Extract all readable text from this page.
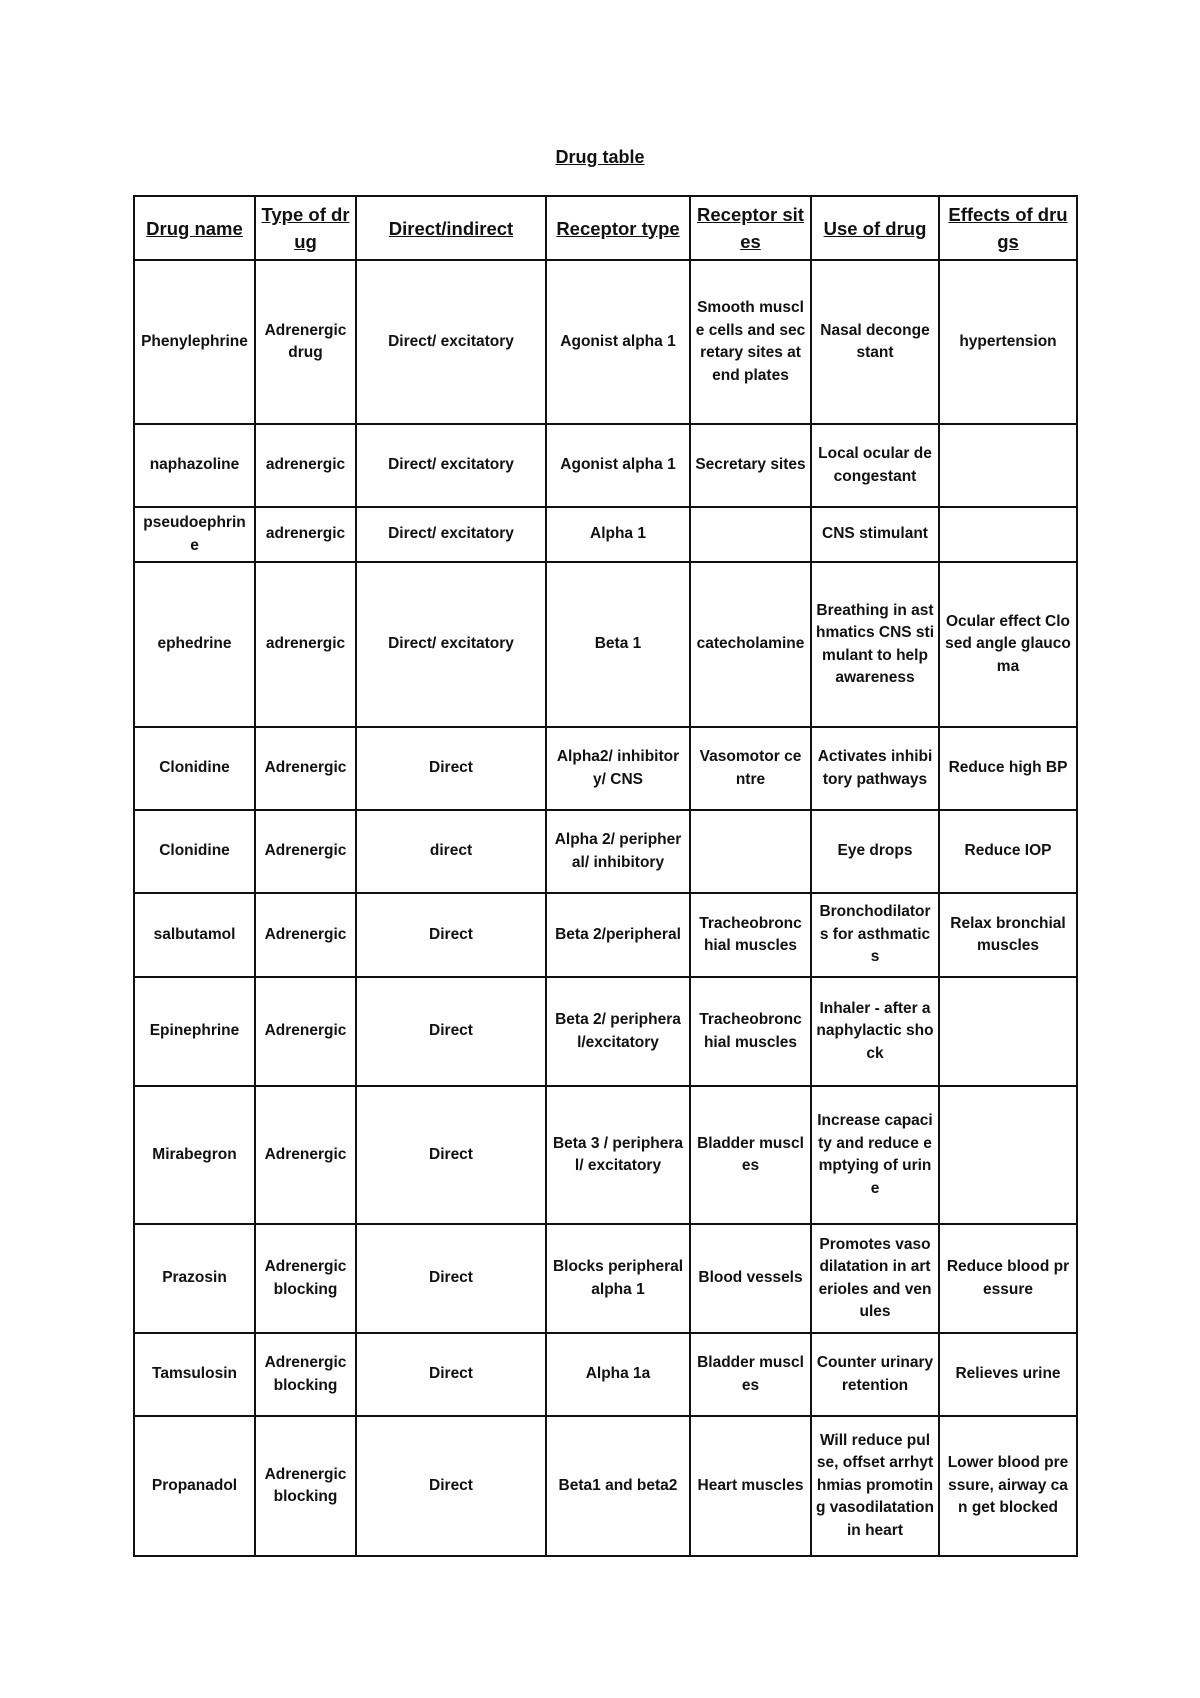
Drug table
Drug name	Type of drug	Direct/indirect	Receptor type	Receptor sites	Use of drug	Effects of drugs
Phenylephrine	Adrenergic drug	Direct/ excitatory	Agonist alpha 1	Smooth muscle cells and secretary sites at end plates	Nasal decongestant	hypertension
naphazoline	adrenergic	Direct/ excitatory	Agonist alpha 1	Secretary sites	Local ocular decongestant	
pseudoephrine	adrenergic	Direct/ excitatory	Alpha 1		CNS stimulant	
ephedrine	adrenergic	Direct/ excitatory	Beta 1	catecholamine	Breathing in asthmatics CNS stimulant to help awareness	Ocular effect Closed angle glaucoma
Clonidine	Adrenergic	Direct	Alpha2/ inhibitory/ CNS	Vasomotor centre	Activates inhibitory pathways	Reduce high BP
Clonidine	Adrenergic	direct	Alpha 2/ peripheral/ inhibitory		Eye drops	Reduce IOP
salbutamol	Adrenergic	Direct	Beta 2/peripheral	Tracheobronchial muscles	Bronchodilators for asthmatics	Relax bronchial muscles
Epinephrine	Adrenergic	Direct	Beta 2/ peripheral/excitatory	Tracheobronchial muscles	Inhaler - after anaphylactic shock	
Mirabegron	Adrenergic	Direct	Beta 3 / peripheral/ excitatory	Bladder muscles	Increase capacity and reduce emptying of urine	
Prazosin	Adrenergic blocking	Direct	Blocks peripheral alpha 1	Blood vessels	Promotes vasodilatation in arterioles and venules	Reduce blood pressure
Tamsulosin	Adrenergic blocking	Direct	Alpha 1a	Bladder muscles	Counter urinary retention	Relieves urine
Propanadol	Adrenergic blocking	Direct	Beta1 and beta2	Heart muscles	Will reduce pulse, offset arrhythmias promoting vasodilatation in heart	Lower blood pressure, airway can get blocked
